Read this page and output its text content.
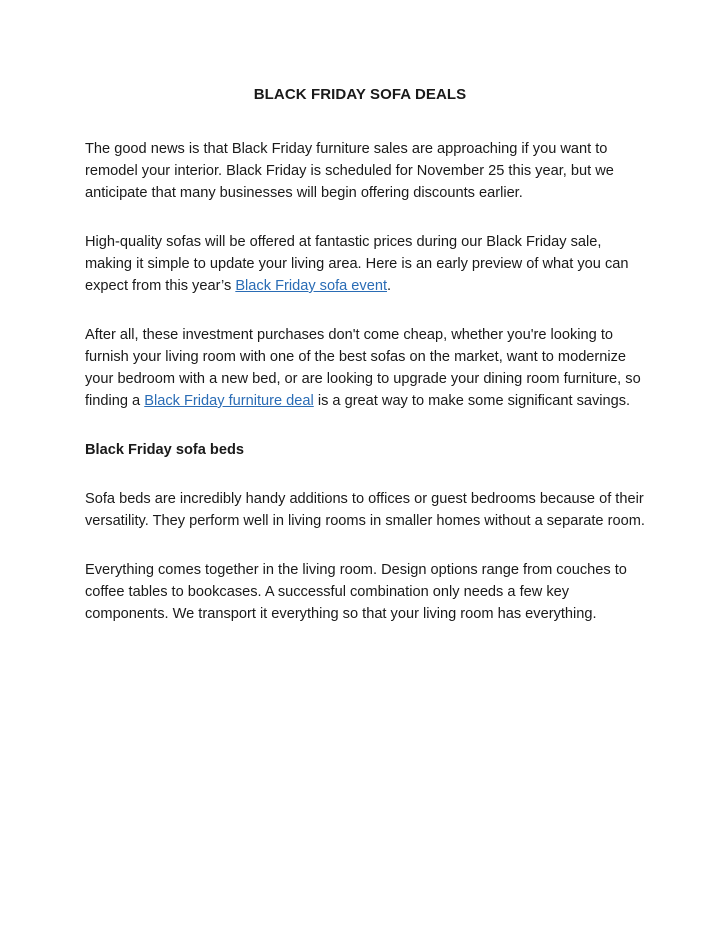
BLACK FRIDAY SOFA DEALS

The good news is that Black Friday furniture sales are approaching if you want to remodel your interior. Black Friday is scheduled for November 25 this year, but we anticipate that many businesses will begin offering discounts earlier.

High-quality sofas will be offered at fantastic prices during our Black Friday sale, making it simple to update your living area. Here is an early preview of what you can expect from this year’s Black Friday sofa event.

After all, these investment purchases don't come cheap, whether you're looking to furnish your living room with one of the best sofas on the market, want to modernize your bedroom with a new bed, or are looking to upgrade your dining room furniture, so finding a Black Friday furniture deal is a great way to make some significant savings.

Black Friday sofa beds

Sofa beds are incredibly handy additions to offices or guest bedrooms because of their versatility. They perform well in living rooms in smaller homes without a separate room.

Everything comes together in the living room. Design options range from couches to coffee tables to bookcases. A successful combination only needs a few key components. We transport it everything so that your living room has everything.
